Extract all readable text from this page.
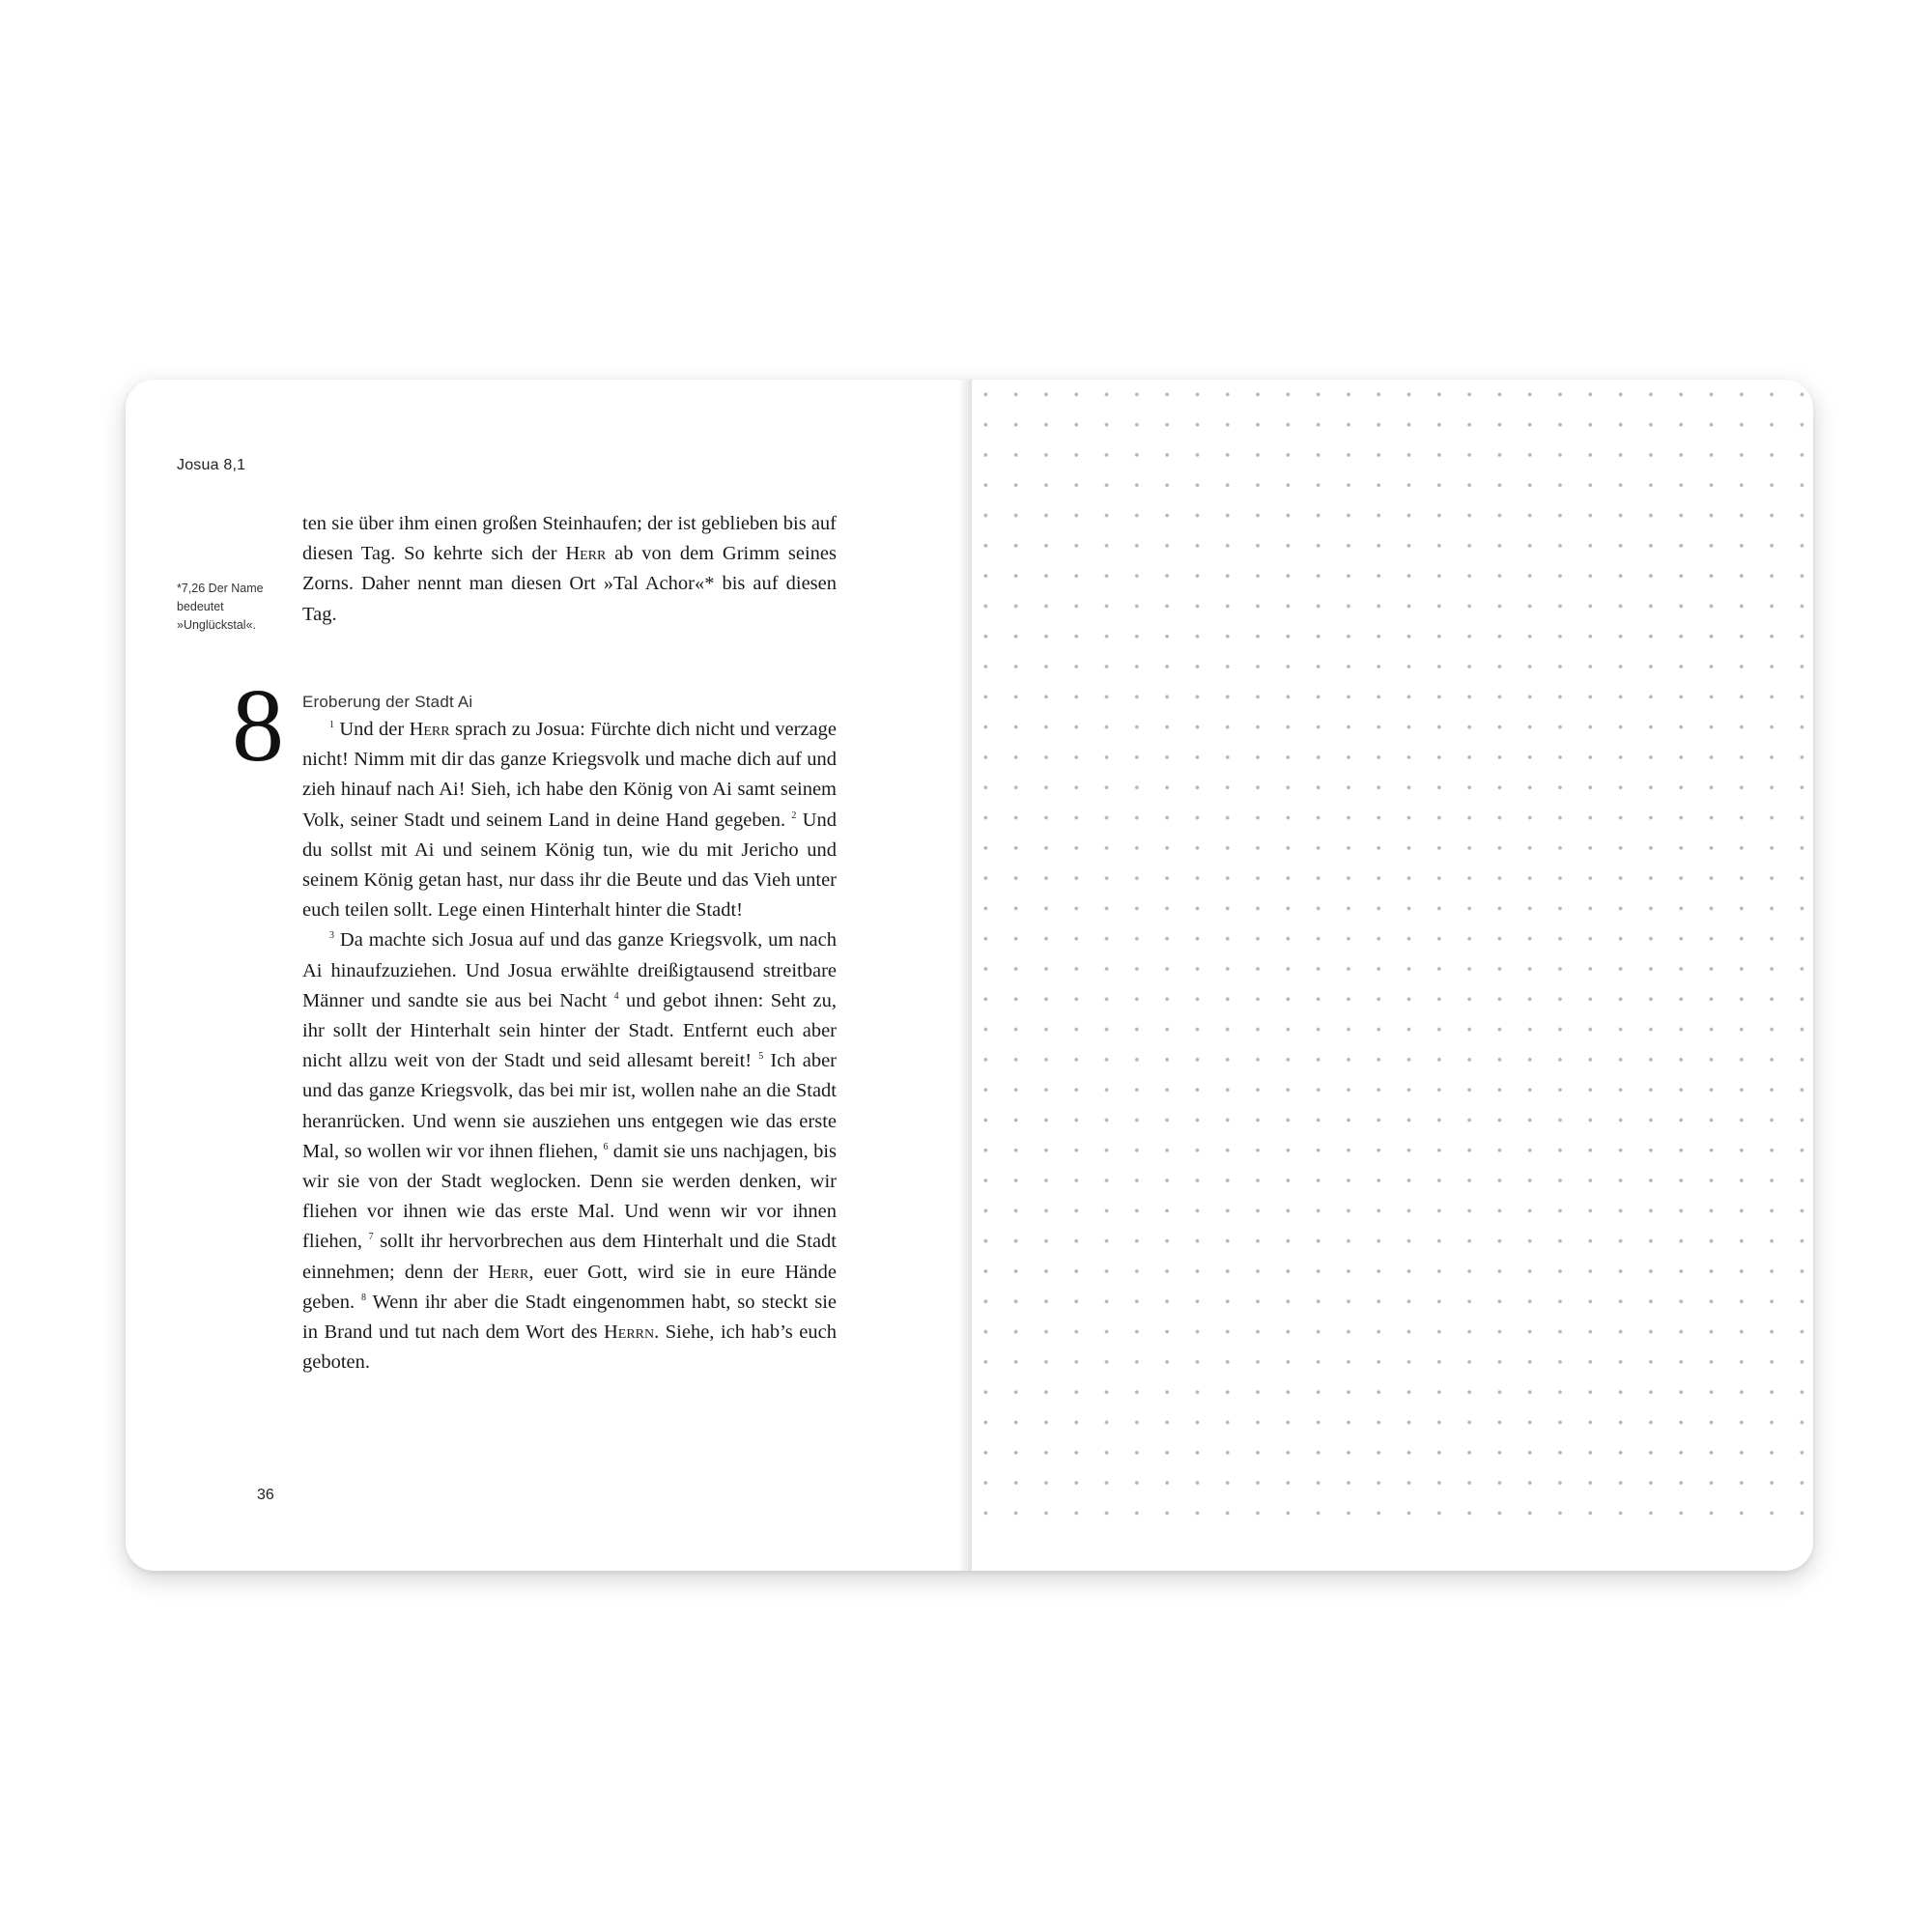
Josua 8,1
*7,26 Der Name bedeutet »Unglückstal«.

ten sie über ihm einen großen Steinhaufen; der ist geblieben bis auf diesen Tag. So kehrte sich der Herr ab von dem Grimm seines Zorns. Daher nennt man diesen Ort »Tal Achor«* bis auf diesen Tag.

8 Eroberung der Stadt Ai

$^1$ Und der Herr sprach zu Josua: Fürchte dich nicht und verzage nicht! Nimm mit dir das ganze Kriegsvolk und mache dich auf und zieh hinauf nach Ai! Sieh, ich habe den König von Ai samt seinem Volk, seiner Stadt und seinem Land in deine Hand gegeben. $^2$ Und du sollst mit Ai und seinem König tun, wie du mit Jericho und seinem König getan hast, nur dass ihr die Beute und das Vieh unter euch teilen sollt. Lege einen Hinterhalt hinter die Stadt!

$^3$ Da machte sich Josua auf und das ganze Kriegsvolk, um nach Ai hinaufzuziehen. Und Josua erwählte dreißigtausend streitbare Männer und sandte sie aus bei Nacht $^4$ und gebot ihnen: Seht zu, ihr sollt der Hinterhalt sein hinter der Stadt. Entfernt euch aber nicht allzu weit von der Stadt und seid allesamt bereit! $^5$ Ich aber und das ganze Kriegsvolk, das bei mir ist, wollen nahe an die Stadt heranrücken. Und wenn sie ausziehen uns entgegen wie das erste Mal, so wollen wir vor ihnen fliehen, $^6$ damit sie uns nachjagen, bis wir sie von der Stadt weglocken. Denn sie werden denken, wir fliehen vor ihnen wie das erste Mal. Und wenn wir vor ihnen fliehen, $^7$ sollt ihr hervorbrechen aus dem Hinterhalt und die Stadt einnehmen; denn der Herr, euer Gott, wird sie in eure Hände geben. $^8$ Wenn ihr aber die Stadt eingenommen habt, so steckt sie in Brand und tut nach dem Wort des Herrn. Siehe, ich hab’s euch geboten.

36
